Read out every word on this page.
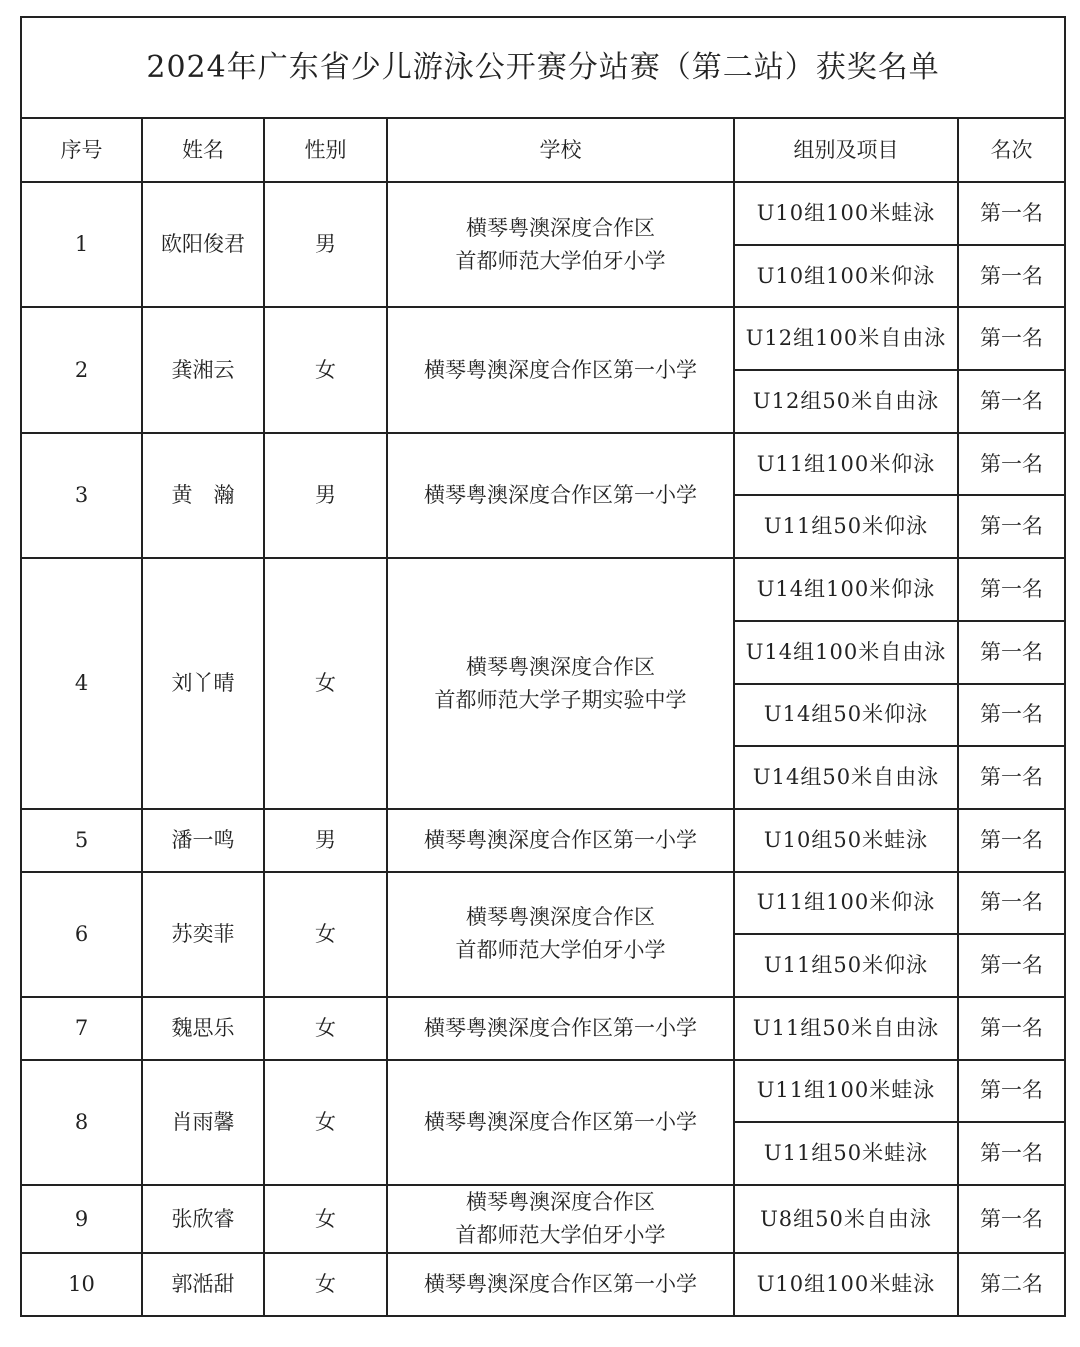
2024年广东省少儿游泳公开赛分站赛（第二站）获奖名单					
序号	姓名	性别	学校	组别及项目	名次
1	欧阳俊君	男	横琴粤澳深度合作区
首都师范大学伯牙小学	U10组100米蛙泳	第一名
				U10组100米仰泳	第一名
2	龚湘云	女	横琴粤澳深度合作区第一小学	U12组100米自由泳	第一名
				U12组50米自由泳	第一名
3	黄　瀚	男	横琴粤澳深度合作区第一小学	U11组100米仰泳	第一名
				U11组50米仰泳	第一名
4	刘丫晴	女	横琴粤澳深度合作区
首都师范大学子期实验中学	U14组100米仰泳	第一名
				U14组100米自由泳	第一名
				U14组50米仰泳	第一名
				U14组50米自由泳	第一名
5	潘一鸣	男	横琴粤澳深度合作区第一小学	U10组50米蛙泳	第一名
6	苏奕菲	女	横琴粤澳深度合作区
首都师范大学伯牙小学	U11组100米仰泳	第一名
				U11组50米仰泳	第一名
7	魏思乐	女	横琴粤澳深度合作区第一小学	U11组50米自由泳	第一名
8	肖雨馨	女	横琴粤澳深度合作区第一小学	U11组100米蛙泳	第一名
				U11组50米蛙泳	第一名
9	张欣睿	女	横琴粤澳深度合作区
首都师范大学伯牙小学	U8组50米自由泳	第一名
10	郭湉甜	女	横琴粤澳深度合作区第一小学	U10组100米蛙泳	第二名
